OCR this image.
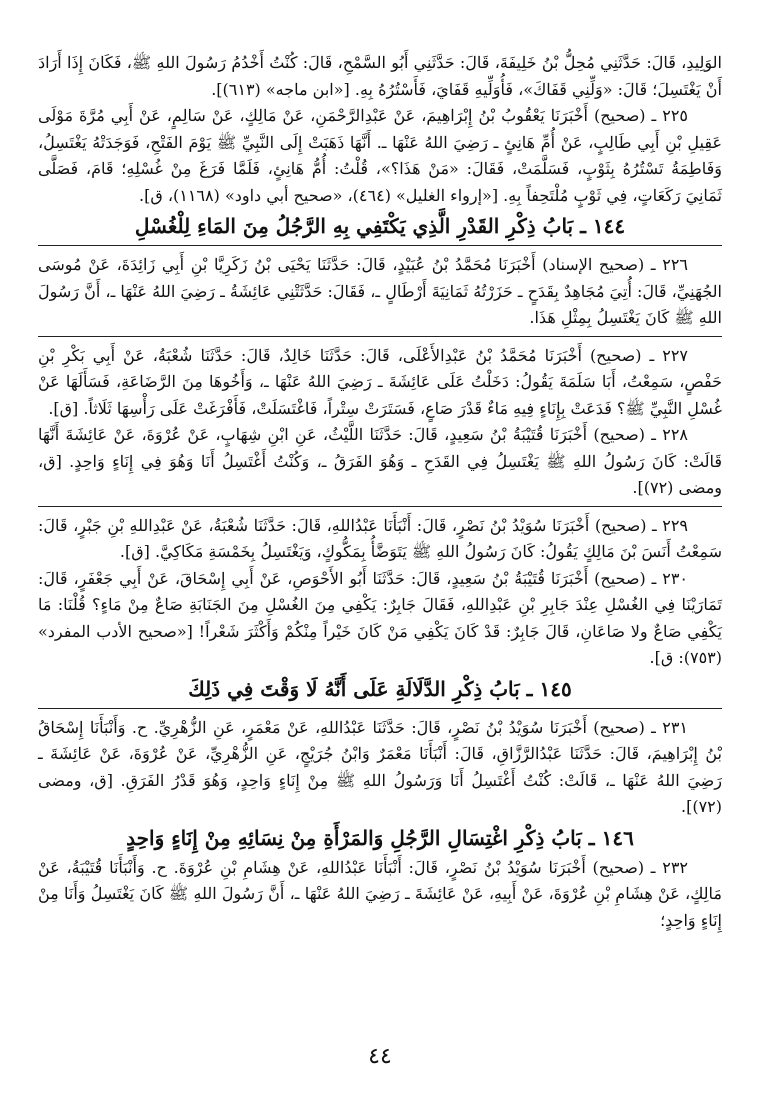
الوَلِيدِ، قَالَ: حَدَّثَنِي مُحِلُّ بْنُ خَلِيفَةَ، قَالَ: حَدَّثَنِي أَبُو السَّمْحِ، قَالَ: كُنْتُ أَخْدُمُ رَسُولَ اللهِ ﷺ، فَكَانَ إِذَا أَرَادَ أَنْ يَغْتَسِلَ؛ قَالَ: «وَلِّنِي قَفَاكَ»، فَأُوَلِّيهِ قَفَايَ، فَأَسْتُرُهُ بِهِ. [«ابن ماجه» (٦١٣)].

٢٢٥ ـ (صحيح) أَخْبَرَنَا يَعْقُوبُ بْنُ إِبْرَاهِيمَ، عَنْ عَبْدِالرَّحْمَنِ، عَنْ مَالِكٍ، عَنْ سَالِمٍ، عَنْ أَبِي مُرَّةَ مَوْلَى عَقِيلِ بْنِ أَبِي طَالِبٍ، عَنْ أُمِّ هَانِئٍ ـ رَضِيَ اللهُ عَنْهَا ـ. أَنَّهَا ذَهَبَتْ إِلَى النَّبِيِّ ﷺ يَوْمَ الفَتْحِ، فَوَجَدَتْهُ يَغْتَسِلُ، وَفَاطِمَةُ تَسْتُرُهُ بِثَوْبٍ، فَسَلَّمَتْ، فَقَالَ: «مَنْ هَذَا؟»، قُلْتُ: أُمُّ هَانِئٍ، فَلَمَّا فَرَغَ مِنْ غُسْلِهِ؛ قَامَ، فَصَلَّى ثَمَانِيَ رَكَعَاتٍ، فِي ثَوْبٍ مُلْتَحِفاً بِهِ. [«إرواء الغليل» (٤٦٤)، «صحيح أبي داود» (١١٦٨)، ق].

١٤٤ ـ بَابُ ذِكْرِ القَدْرِ الَّذِي يَكْتَفِي بِهِ الرَّجُلُ مِنَ المَاءِ لِلْغُسْلِ

٢٢٦ ـ (صحيح الإسناد) أَخْبَرَنَا مُحَمَّدُ بْنُ عُبَيْدٍ، قَالَ: حَدَّثَنَا يَحْيَى بْنُ زَكَرِيَّا بْنِ أَبِي زَائِدَةَ، عَنْ مُوسَى الجُهَنِيِّ، قَالَ: أُتِيَ مُجَاهِدٌ بِقَدَحٍ ـ حَزَرْتُهُ ثَمَانِيَةَ أَرْطَالٍ ـ، فَقَالَ: حَدَّثَتْنِي عَائِشَةُ ـ رَضِيَ اللهُ عَنْهَا ـ، أَنَّ رَسُولَ اللهِ ﷺ كَانَ يَغْتَسِلُ بِمِثْلِ هَذَا.

٢٢٧ ـ (صحيح) أَخْبَرَنَا مُحَمَّدُ بْنُ عَبْدِالأَعْلَى، قَالَ: حَدَّثَنَا خَالِدٌ، قَالَ: حَدَّثَنَا شُعْبَةُ، عَنْ أَبِي بَكْرِ بْنِ حَفْصٍ، سَمِعْتُ، أَبَا سَلَمَةَ يَقُولُ: دَخَلْتُ عَلَى عَائِشَةَ ـ رَضِيَ اللهُ عَنْهَا ـ، وَأَخُوهَا مِنَ الرَّضَاعَةِ، فَسَأَلَهَا عَنْ غُسْلِ النَّبِيِّ ﷺ؟ فَدَعَتْ بِإِنَاءٍ فِيهِ مَاءٌ قَدْرَ صَاعٍ، فَسَتَرَتْ سِتْراً، فَاغْتَسَلَتْ، فَأَفْرَغَتْ عَلَى رَأْسِهَا ثَلَاثاً. [ق].

٢٢٨ ـ (صحيح) أَخْبَرَنَا قُتَيْبَةُ بْنُ سَعِيدٍ، قَالَ: حَدَّثَنَا اللَّيْثُ، عَنِ ابْنِ شِهَابٍ، عَنْ عُرْوَةَ، عَنْ عَائِشَةَ أَنَّهَا قَالَتْ: كَانَ رَسُولُ اللهِ ﷺ يَغْتَسِلُ فِي القَدَحِ ـ وَهُوَ الفَرَقُ ـ، وَكُنْتُ أَغْتَسِلُ أَنَا وَهُوَ فِي إِنَاءٍ وَاحِدٍ. [ق، ومضى (٧٢)].

٢٢٩ ـ (صحيح) أَخْبَرَنَا سُوَيْدُ بْنُ نَصْرٍ، قَالَ: أَنْبَأَنَا عَبْدُاللهِ، قَالَ: حَدَّثَنَا شُعْبَةُ، عَنْ عَبْدِاللهِ بْنِ جَبْرٍ، قَالَ: سَمِعْتُ أَنَسَ بْنَ مَالِكٍ يَقُولُ: كَانَ رَسُولُ اللهِ ﷺ يَتَوَضَّأُ بِمَكُّوكٍ، وَيَغْتَسِلُ بِخَمْسَةِ مَكَاكِيَّ. [ق].

٢٣٠ ـ (صحيح) أَخْبَرَنَا قُتَيْبَةُ بْنُ سَعِيدٍ، قَالَ: حَدَّثَنَا أَبُو الأَحْوَصِ، عَنْ أَبِي إِسْحَاقَ، عَنْ أَبِي جَعْفَرٍ، قَالَ: تَمَارَيْنَا فِي الغُسْلِ عِنْدَ جَابِرِ بْنِ عَبْدِاللهِ، فَقَالَ جَابِرٌ: يَكْفِي مِنَ الغُسْلِ مِنَ الجَنَابَةِ صَاعٌ مِنْ مَاءٍ؟ قُلْنَا: مَا يَكْفِي صَاعٌ ولا صَاعَانِ، قَالَ جَابِرٌ: قَدْ كَانَ يَكْفِي مَنْ كَانَ خَيْراً مِنْكُمْ وَأَكْثَرَ شَعْراً! [«صحيح الأدب المفرد» (٧٥٣): ق].

١٤٥ ـ بَابُ ذِكْرِ الدَّلَالَةِ عَلَى أَنَّهُ لَا وَقْتَ فِي ذَلِكَ

٢٣١ ـ (صحيح) أَخْبَرَنَا سُوَيْدُ بْنُ نَصْرٍ، قَالَ: حَدَّثَنَا عَبْدُاللهِ، عَنْ مَعْمَرٍ، عَنِ الزُّهْرِيِّ. ح. وَأَنْبَأَنَا إِسْحَاقُ بْنُ إِبْرَاهِيمَ، قَالَ: حَدَّثَنَا عَبْدُالرَّزَّاقِ، قَالَ: أَنْبَأَنَا مَعْمَرٌ وَابْنُ جُرَيْجٍ، عَنِ الزُّهْرِيِّ، عَنْ عُرْوَةَ، عَنْ عَائِشَةَ ـ رَضِيَ اللهُ عَنْهَا ـ، قَالَتْ: كُنْتُ أَغْتَسِلُ أَنَا وَرَسُولُ اللهِ ﷺ مِنْ إِنَاءٍ وَاحِدٍ، وَهُوَ قَدْرُ الفَرَقِ. [ق، ومضى (٧٢)].

١٤٦ ـ بَابُ ذِكْرِ اغْتِسَالِ الرَّجُلِ وَالمَرْأَةِ مِنْ نِسَائِهِ مِنْ إِنَاءٍ وَاحِدٍ

٢٣٢ ـ (صحيح) أَخْبَرَنَا سُوَيْدُ بْنُ نَصْرٍ، قَالَ: أَنْبَأَنَا عَبْدُاللهِ، عَنْ هِشَامِ بْنِ عُرْوَةَ. ح. وَأَنْبَأَنَا قُتَيْبَةُ، عَنْ مَالِكٍ، عَنْ هِشَامِ بْنِ عُرْوَةَ، عَنْ أَبِيهِ، عَنْ عَائِشَةَ ـ رَضِيَ اللهُ عَنْهَا ـ، أَنَّ رَسُولَ اللهِ ﷺ كَانَ يَغْتَسِلُ وَأَنَا مِنْ إِنَاءٍ وَاحِدٍ؛

٤٤
